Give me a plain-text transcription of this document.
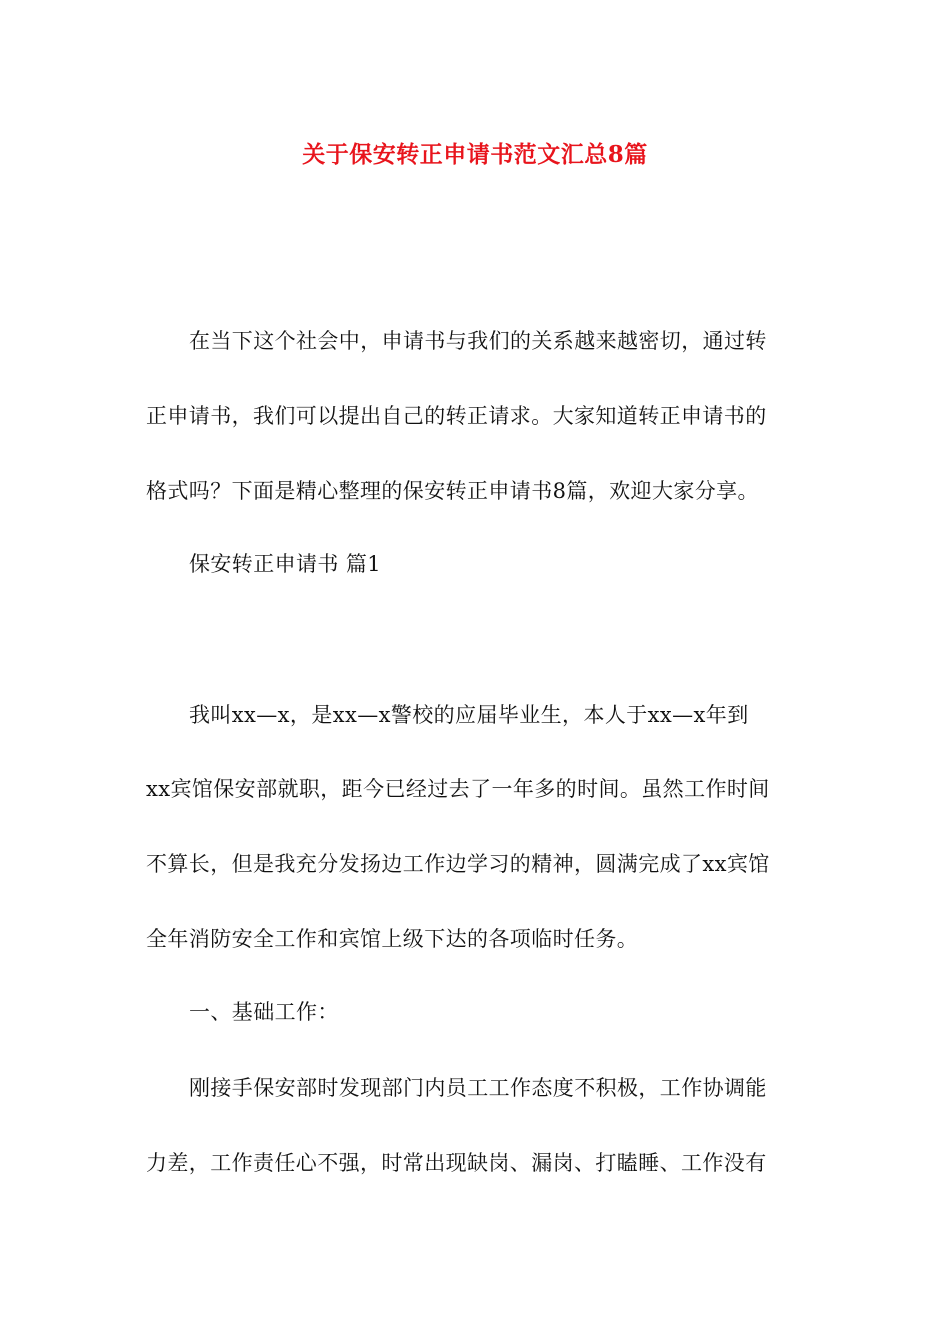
关于保安转正申请书范文汇总8篇
在当下这个社会中，申请书与我们的关系越来越密切，通过转
正申请书，我们可以提出自己的转正请求。大家知道转正申请书的
格式吗？下面是精心整理的保安转正申请书8篇，欢迎大家分享。
保安转正申请书 篇1
我叫xx—x，是xx—x警校的应届毕业生，本人于xx—x年到
xx宾馆保安部就职，距今已经过去了一年多的时间。虽然工作时间
不算长，但是我充分发扬边工作边学习的精神，圆满完成了xx宾馆
全年消防安全工作和宾馆上级下达的各项临时任务。
一、基础工作：
刚接手保安部时发现部门内员工工作态度不积极，工作协调能
力差，工作责任心不强，时常出现缺岗、漏岗、打瞌睡、工作没有
